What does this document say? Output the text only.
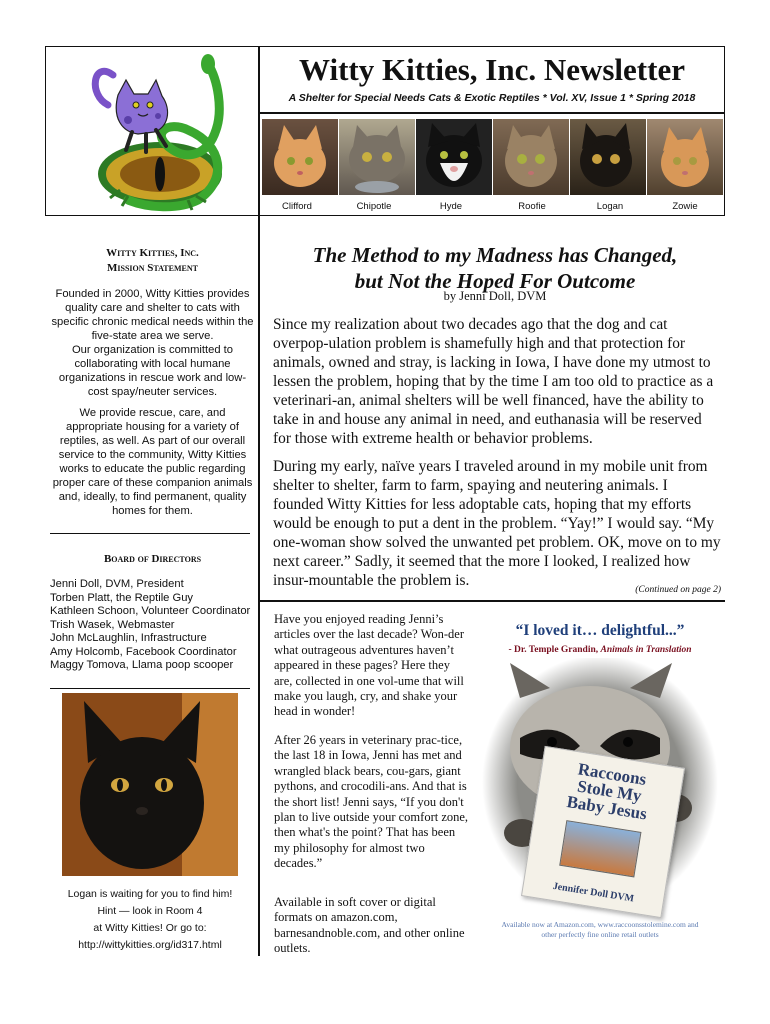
Witty Kitties, Inc. Newsletter
A Shelter for Special Needs Cats & Exotic Reptiles * Vol. XV, Issue 1 * Spring 2018
Clifford	Chipotle	Hyde	Roofie	Logan	Zowie
Witty Kitties, Inc.
Mission Statement
Founded in 2000, Witty Kitties provides quality care and shelter to cats with specific chronic medical needs within the five-state area we serve.
Our organization is committed to collaborating with local humane organizations in rescue work and low-cost spay/neuter services.
We provide rescue, care, and appropriate housing for a variety of reptiles, as well. As part of our overall service to the community, Witty Kitties works to educate the public regarding proper care of these companion animals and, ideally, to find permanent, quality homes for them.
Board of Directors
Jenni Doll, DVM, President
Torben Platt, the Reptile Guy
Kathleen Schoon, Volunteer Coordinator
Trish Wasek, Webmaster
John McLaughlin, Infrastructure
Amy Holcomb, Facebook Coordinator
Maggy Tomova, Llama poop scooper
Logan is waiting for you to find him!
Hint — look in Room 4
at Witty Kitties! Or go to:
http://wittykitties.org/id317.html
The Method to my Madness has Changed,
but Not the Hoped For Outcome
by Jenni Doll, DVM
Since my realization about two decades ago that the dog and cat overpop-ulation problem is shamefully high and that protection for animals, owned and stray, is lacking in Iowa, I have done my utmost to lessen the problem, hoping that by the time I am too old to practice as a veterinari-an, animal shelters will be well financed, have the ability to take in and house any animal in need, and euthanasia will be reserved for those with extreme health or behavior problems.
During my early, naïve years I traveled around in my mobile unit from shelter to shelter, farm to farm, spaying and neutering animals. I founded Witty Kitties for less adoptable cats, hoping that my efforts would be enough to put a dent in the problem. “Yay!” I would say. “My one-woman show solved the unwanted pet problem. OK, move on to my next career.” Sadly, it seemed that the more I looked, I realized how insur-mountable the problem is.
(Continued on page 2)
Have you enjoyed reading Jenni’s articles over the last decade? Won-der what outrageous adventures haven’t appeared in these pages? Here they are, collected in one vol-ume that will make you laugh, cry, and shake your head in wonder!
After 26 years in veterinary prac-tice, the last 18 in Iowa, Jenni has met and wrangled black bears, cou-gars, giant pythons, and crocodili-ans. And that is the short list! Jenni says, “If you don't plan to live outside your comfort zone, then what's the point? That has been my philosophy for almost two decades.”
Available in soft cover or digital formats on amazon.com, barnesandnoble.com, and other online outlets.
“I loved it… delightful...”
- Dr. Temple Grandin, Animals in Translation
Raccoons
Stole My
Baby Jesus
Jennifer Doll DVM
Available now at Amazon.com, www.raccoonsstolemine.com and
other perfectly fine online retail outlets
